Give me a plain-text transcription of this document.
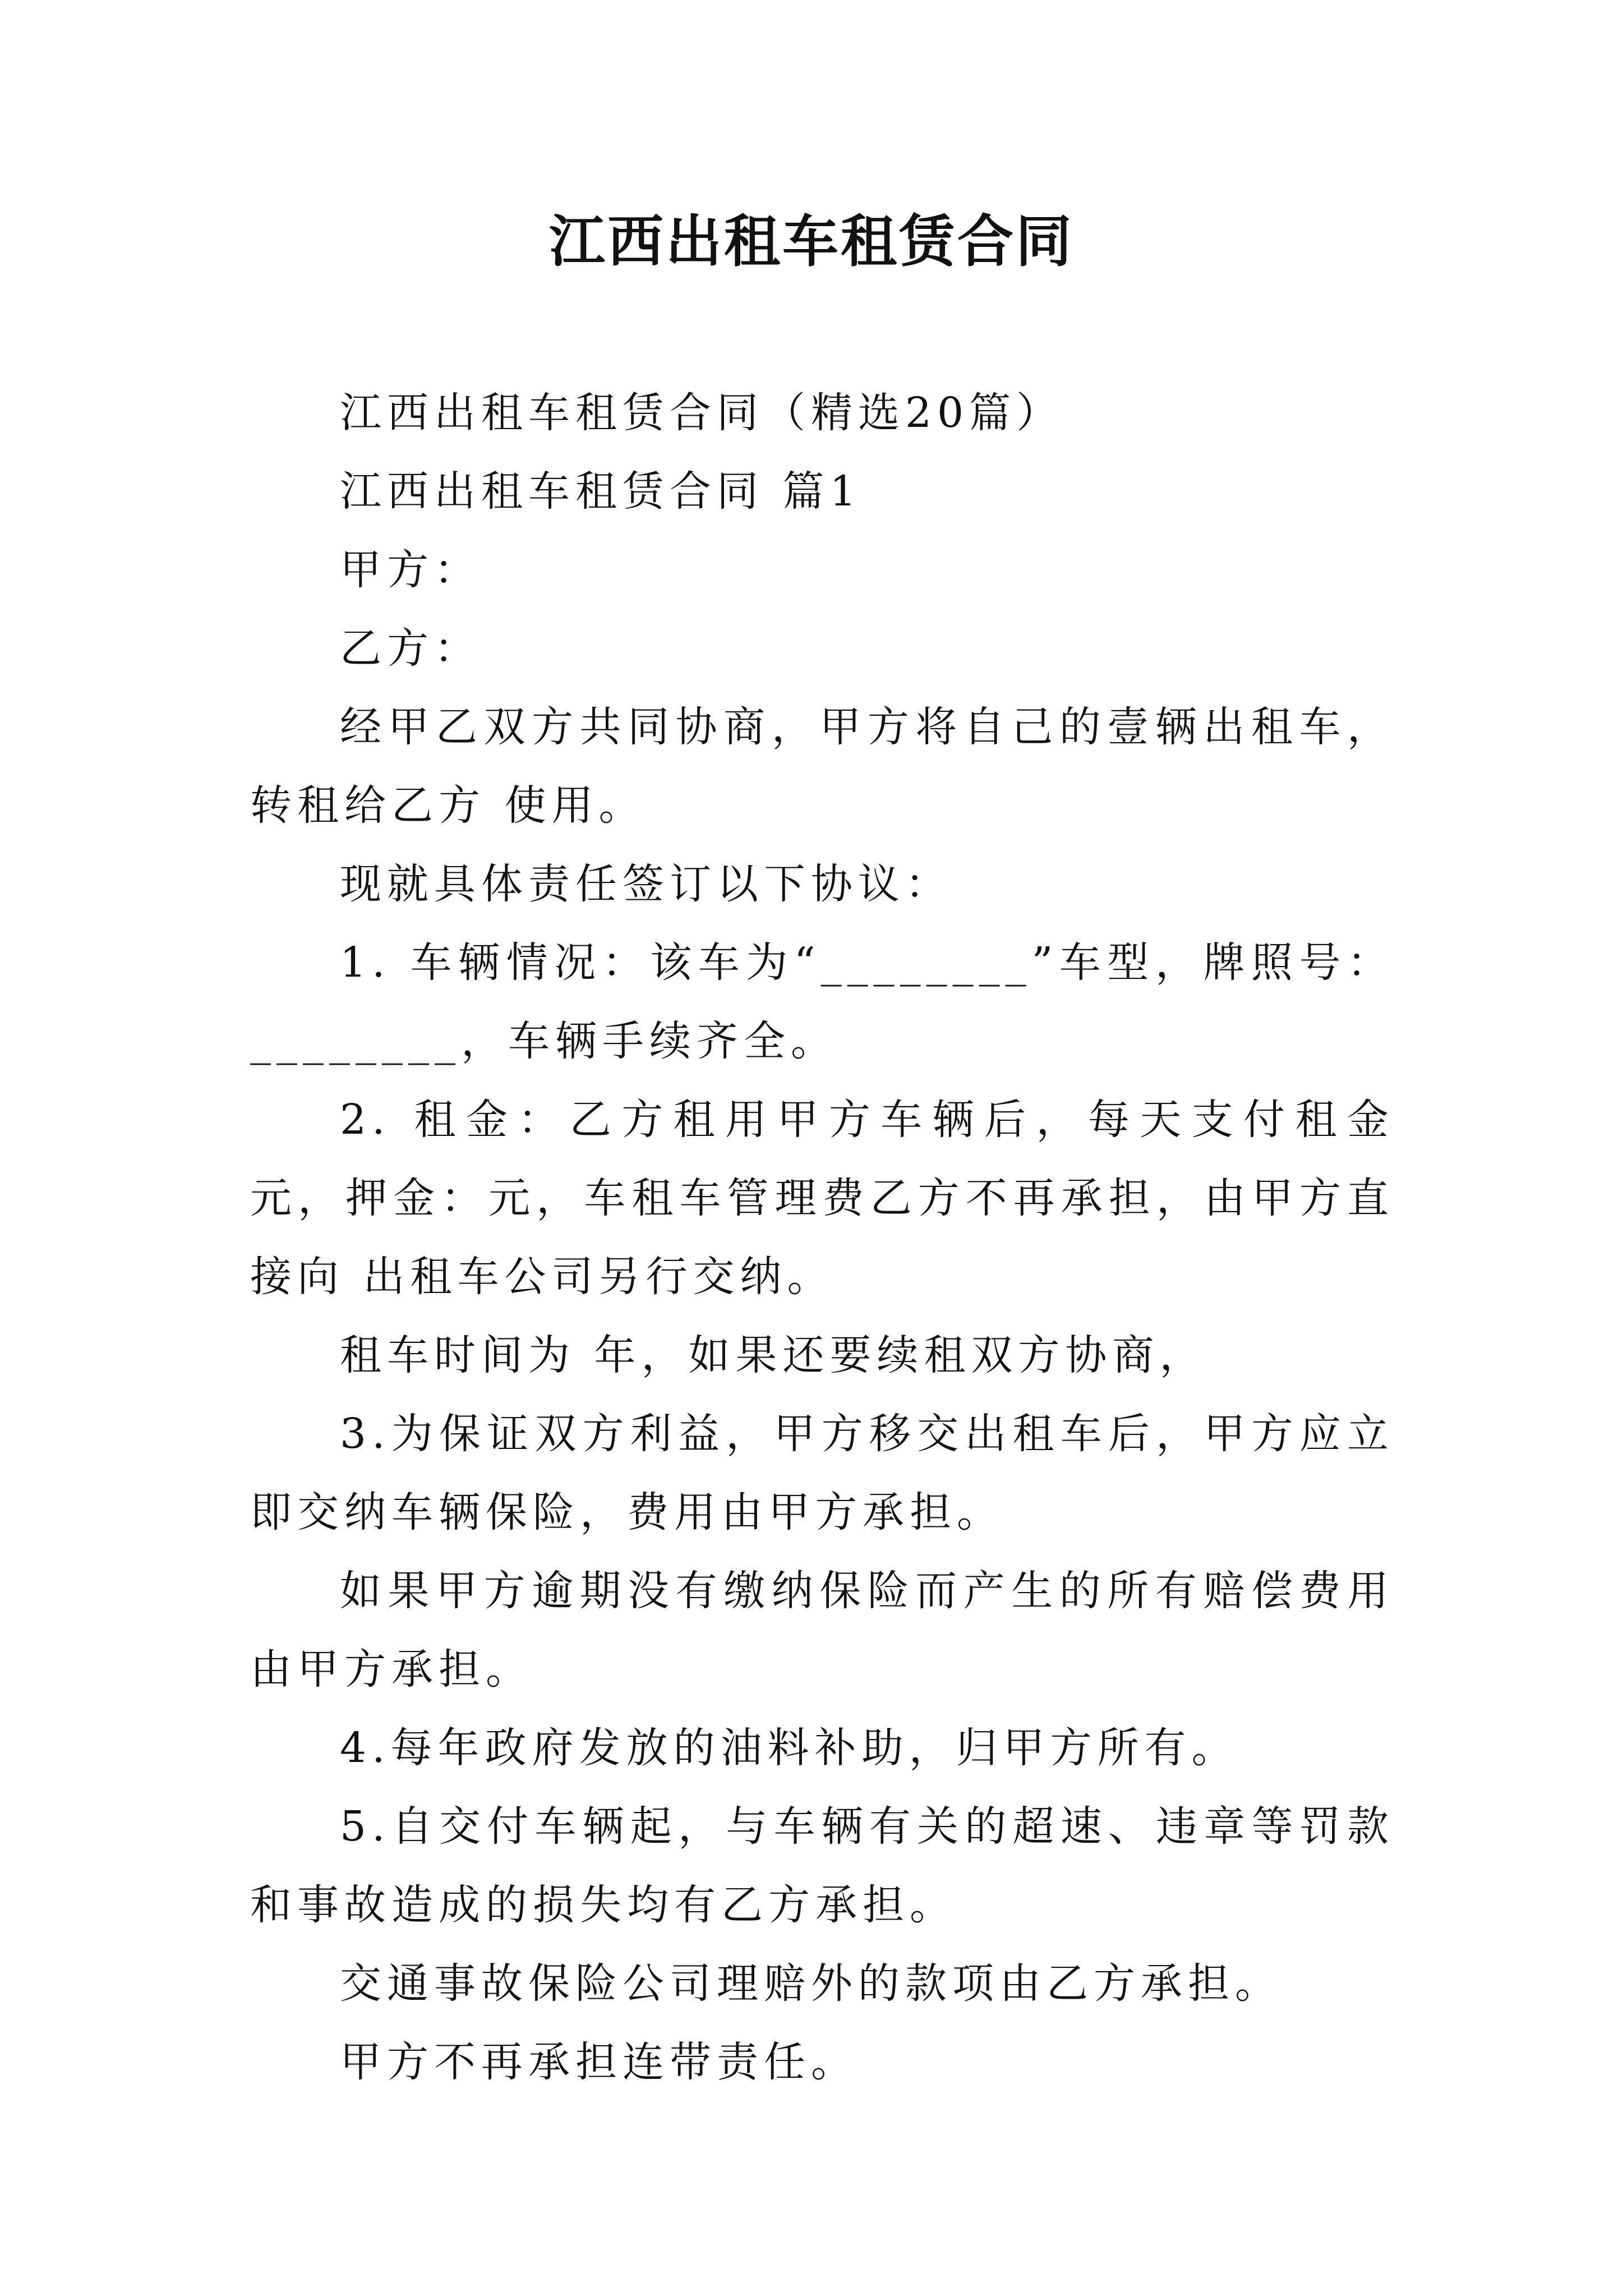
江西出租车租赁合同

江西出租车租赁合同（精选20篇）

江西出租车租赁合同 篇1

甲方：

乙方：

经甲乙双方共同协商，甲方将自己的壹辆出租车， 转租给乙方 使用。

现就具体责任签订以下协议：

1. 车辆情况：该车为“________”车型，牌照号：________，车辆手续齐全。

2. 租金：乙方租用甲方车辆后，每天支付租金 元，押金：元，车租车管理费乙方不再承担，由甲方直接向 出租车公司另行交纳。

租车时间为 年，如果还要续租双方协商，

3.为保证双方利益，甲方移交出租车后，甲方应立即交纳车辆保险，费用由甲方承担。

如果甲方逾期没有缴纳保险而产生的所有赔偿费用由甲方承担。

4.每年政府发放的油料补助，归甲方所有。

5.自交付车辆起，与车辆有关的超速、违章等罚款和事故造成的损失均有乙方承担。

交通事故保险公司理赔外的款项由乙方承担。

甲方不再承担连带责任。
